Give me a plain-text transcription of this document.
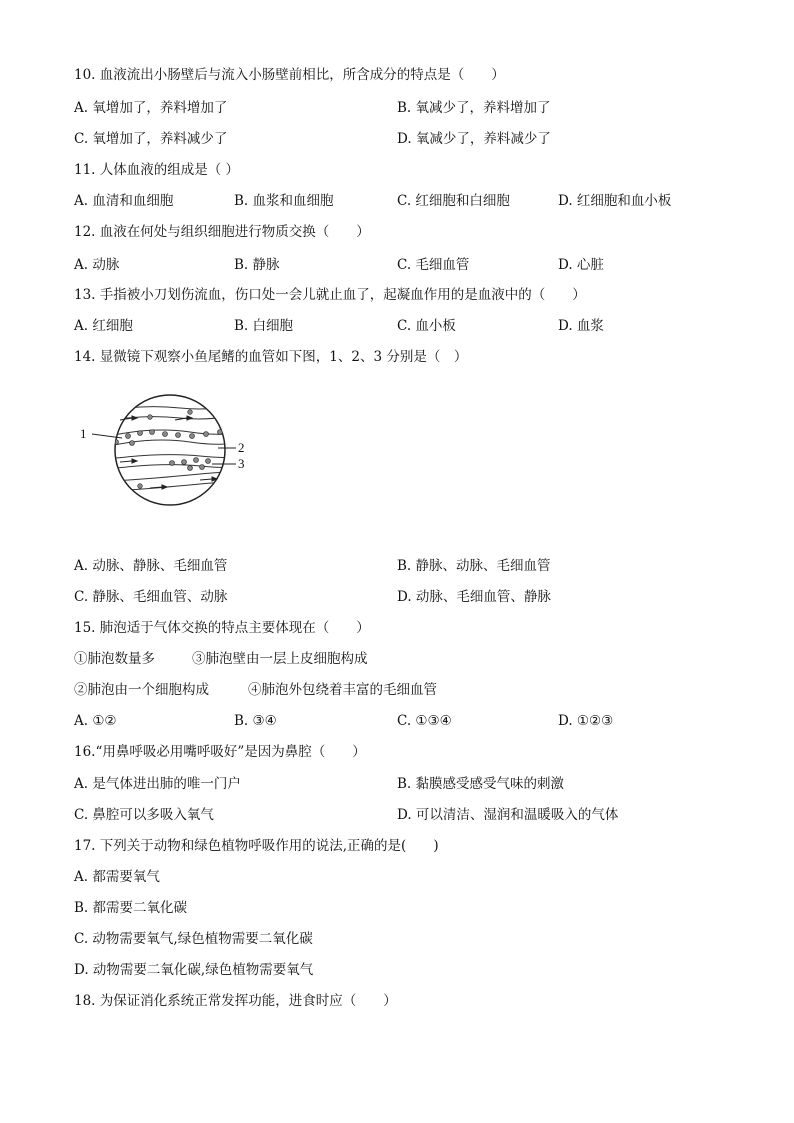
10. 血液流出小肠壁后与流入小肠壁前相比，所含成分的特点是（　　）
A. 氧增加了，养料增加了	B. 氧减少了，养料增加了
C. 氧增加了，养料减少了	D. 氧减少了，养料减少了
11. 人体血液的组成是（ ）
A. 血清和血细胞	B. 血浆和血细胞	C. 红细胞和白细胞	D. 红细胞和血小板
12. 血液在何处与组织细胞进行物质交换（　　）
A. 动脉	B. 静脉	C. 毛细血管	D. 心脏
13. 手指被小刀划伤流血，伤口处一会儿就止血了，起凝血作用的是血液中的（　　）
A. 红细胞	B. 白细胞	C. 血小板	D. 血浆
14. 显微镜下观察小鱼尾鳍的血管如下图，1、2、3 分别是（　）
1
2
3
A. 动脉、静脉、毛细血管	B. 静脉、动脉、毛细血管
C. 静脉、毛细血管、动脉	D. 动脉、毛细血管、静脉
15. 肺泡适于气体交换的特点主要体现在（　　）
①肺泡数量多	③肺泡壁由一层上皮细胞构成
②肺泡由一个细胞构成	④肺泡外包绕着丰富的毛细血管
A. ①②	B. ③④	C. ①③④	D. ①②③
16.“用鼻呼吸必用嘴呼吸好”是因为鼻腔（　　）
A. 是气体进出肺的唯一门户	B. 黏膜感受感受气味的刺激
C. 鼻腔可以多吸入氧气	D. 可以清洁、湿润和温暖吸入的气体
17. 下列关于动物和绿色植物呼吸作用的说法,正确的是(　　)
A. 都需要氧气
B. 都需要二氧化碳
C. 动物需要氧气,绿色植物需要二氧化碳
D. 动物需要二氧化碳,绿色植物需要氧气
18. 为保证消化系统正常发挥功能，进食时应（　　）
